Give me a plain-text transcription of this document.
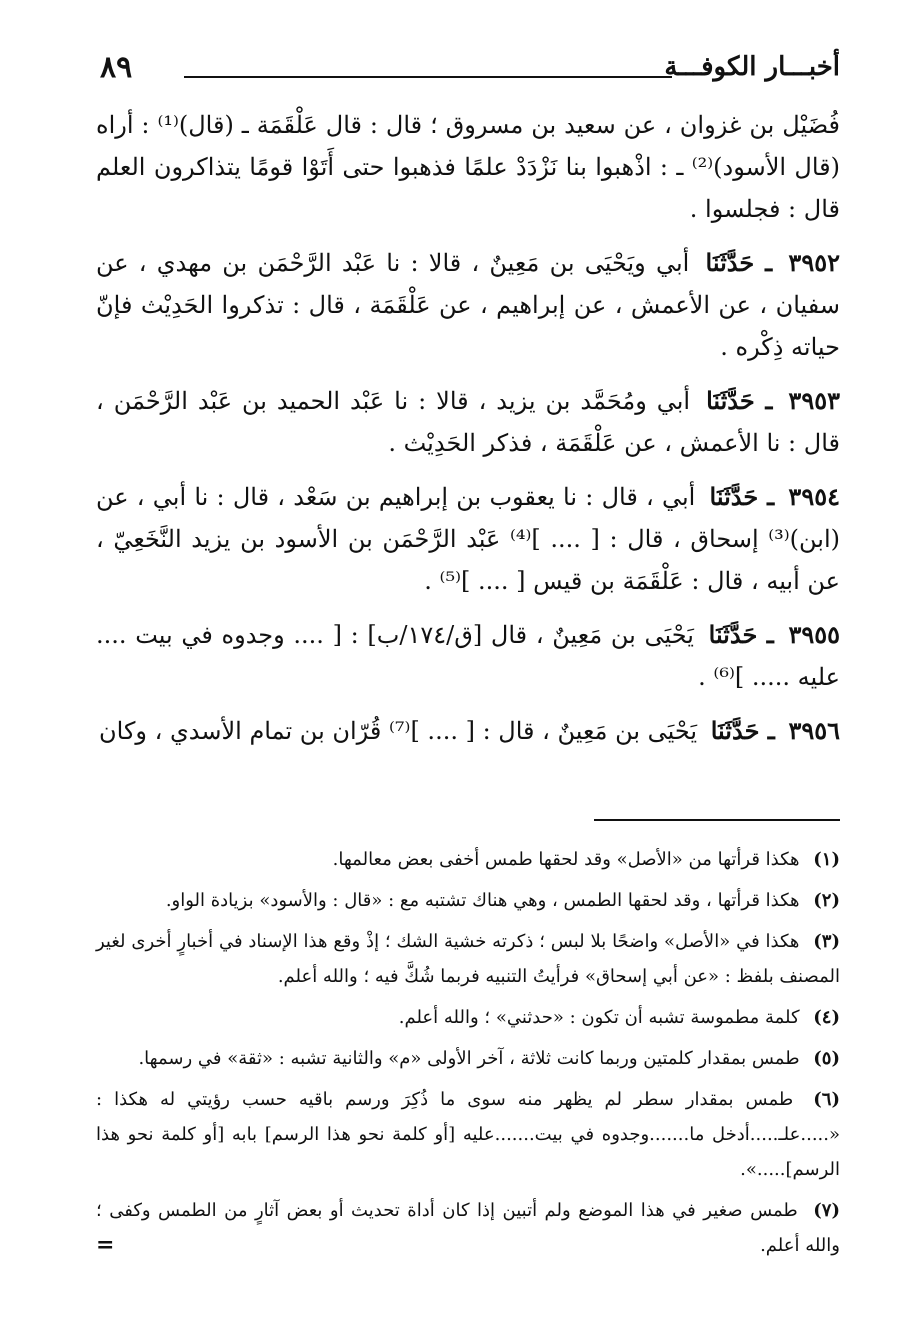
٨٩	أخبـــار الكوفـــة

فُضَيْل بن غزوان ، عن سعيد بن مسروق ؛ قال : قال عَلْقَمَة ـ (قال)⁽¹⁾ : أراه (قال الأسود)⁽²⁾ ـ : اذْهبوا بنا نَزْدَدْ علمًا فذهبوا حتى أَتَوْا قومًا يتذاكرون العلم قال : فجلسوا .

٣٩٥٢ ـ حَدَّثَنَا أبي ويَحْيَى بن مَعِينٌ ، قالا : نا عَبْد الرَّحْمَن بن مهدي ، عن سفيان ، عن الأعمش ، عن إبراهيم ، عن عَلْقَمَة ، قال : تذكروا الحَدِيْث فإنّ حياته ذِكْره .

٣٩٥٣ ـ حَدَّثَنَا أبي ومُحَمَّد بن يزيد ، قالا : نا عَبْد الحميد بن عَبْد الرَّحْمَن ، قال : نا الأعمش ، عن عَلْقَمَة ، فذكر الحَدِيْث .

٣٩٥٤ ـ حَدَّثَنَا أبي ، قال : نا يعقوب بن إبراهيم بن سَعْد ، قال : نا أبي ، عن (ابن)⁽³⁾ إسحاق ، قال : [ .... ]⁽⁴⁾ عَبْد الرَّحْمَن بن الأسود بن يزيد النَّخَعِيّ ، عن أبيه ، قال : عَلْقَمَة بن قيس [ .... ]⁽⁵⁾ .

٣٩٥٥ ـ حَدَّثَنَا يَحْيَى بن مَعِينٌ ، قال [ق/١٧٤/ب] : [ .... وجدوه في بيت .... عليه ..... ]⁽⁶⁾ .

٣٩٥٦ ـ حَدَّثَنَا يَحْيَى بن مَعِينٌ ، قال : [ .... ]⁽⁷⁾ قُرّان بن تمام الأسدي ، وكان

(١) هكذا قرأتها من «الأصل» وقد لحقها طمس أخفى بعض معالمها.

(٢) هكذا قرأتها ، وقد لحقها الطمس ، وهي هناك تشتبه مع : «قال : والأسود» بزيادة الواو.

(٣) هكذا في «الأصل» واضحًا بلا لبس ؛ ذكرته خشية الشك ؛ إذْ وقع هذا الإسناد في أخبارٍ أخرى لغير المصنف بلفظ : «عن أبي إسحاق» فرأيتُ التنبيه فربما شُكَّ فيه ؛ والله أعلم.

(٤) كلمة مطموسة تشبه أن تكون : «حدثني» ؛ والله أعلم.

(٥) طمس بمقدار كلمتين وربما كانت ثلاثة ، آخر الأولى «م» والثانية تشبه : «ثقة» في رسمها.

(٦) طمس بمقدار سطر لم يظهر منه سوى ما ذُكِرَ ورسم باقيه حسب رؤيتي له هكذا : «.....علـ.....أدخل ما.......وجدوه في بيت.......عليه [أو كلمة نحو هذا الرسم] بابه [أو كلمة نحو هذا الرسم].....».

(٧) طمس صغير في هذا الموضع ولم أتبين إذا كان أداة تحديث أو بعض آثارٍ من الطمس وكفى ؛ والله أعلم.

=
